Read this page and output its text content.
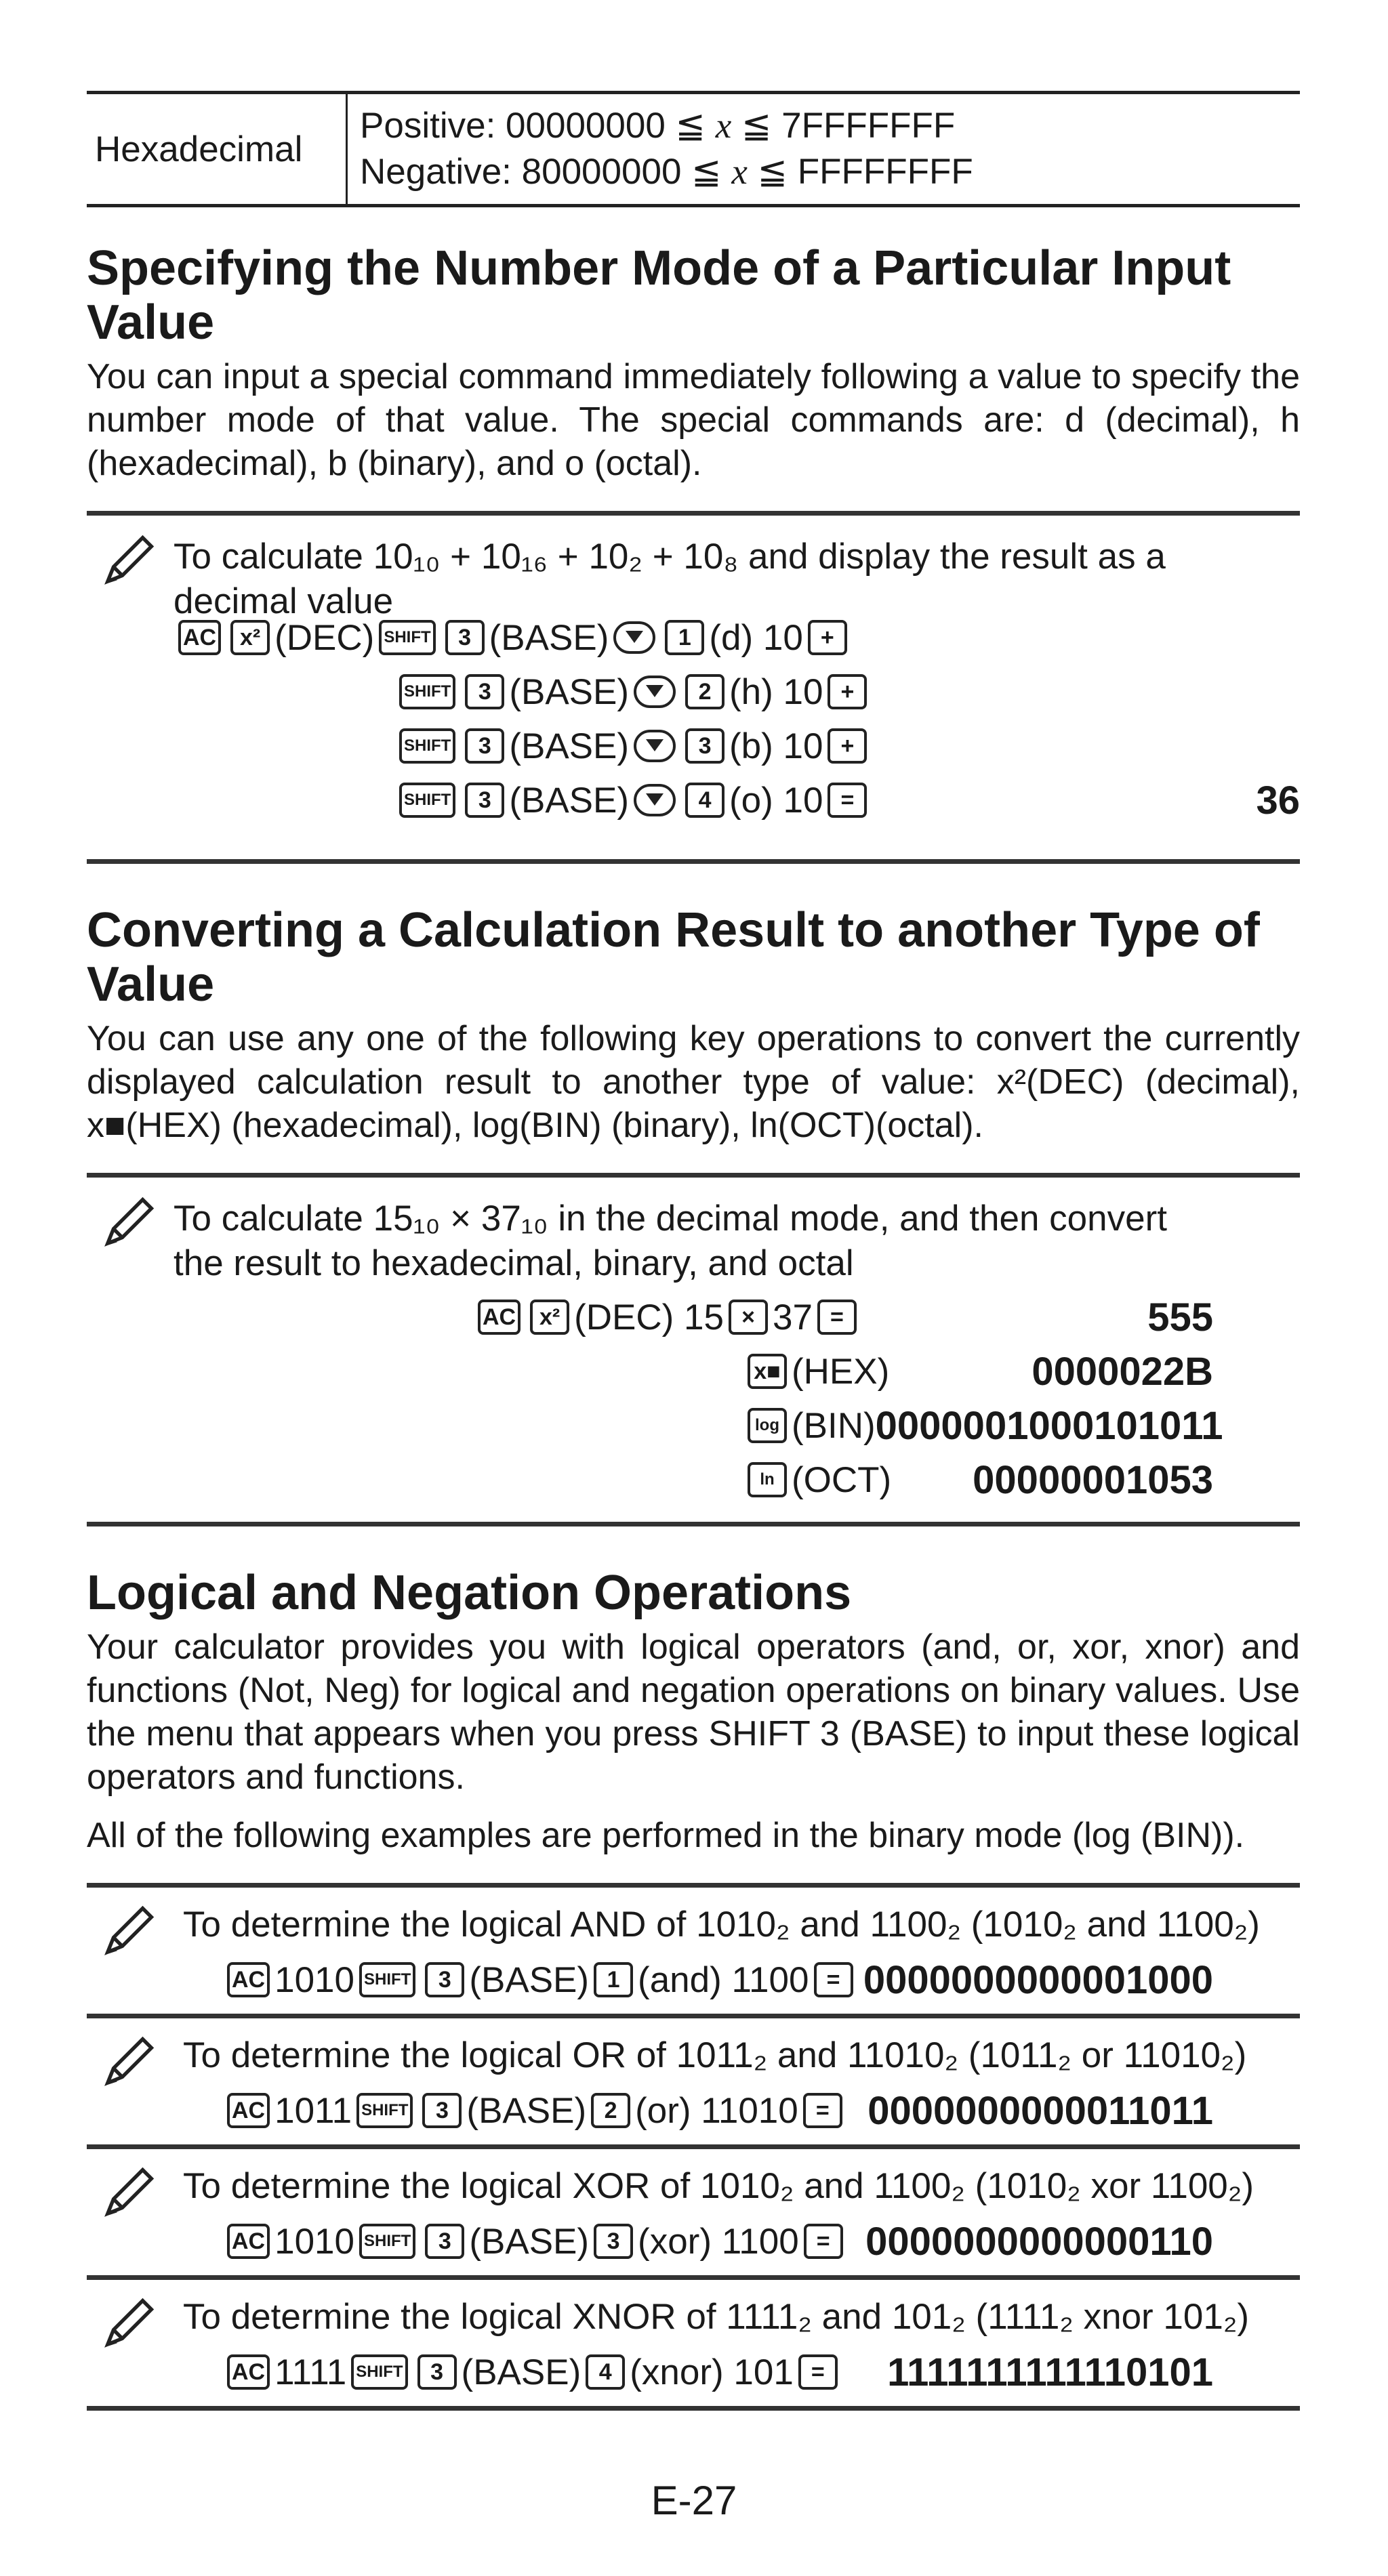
Hexadecimal
Positive: 00000000 ≦ x ≦ 7FFFFFFF
Negative: 80000000 ≦ x ≦ FFFFFFFF
Specifying the Number Mode of a Particular Input Value

You can input a special command immediately following a value to specify the number mode of that value. The special commands are: d (decimal), h (hexadecimal), b (binary), and o (octal).

To calculate 10₁₀ + 10₁₆ + 10₂ + 10₈ and display the result as a decimal value
AC	x² (DEC) SHIFT	3 (BASE)	1 (d) 10 +
SHIFT	3 (BASE)	2 (h) 10 +
SHIFT	3 (BASE)	3 (b) 10 +
SHIFT	3 (BASE)	4 (o) 10 =	36
Converting a Calculation Result to another Type of Value

You can use any one of the following key operations to convert the currently displayed calculation result to another type of value: x²(DEC) (decimal), x■(HEX) (hexadecimal), log(BIN) (binary), ln(OCT)(octal).

To calculate 15₁₀ × 37₁₀ in the decimal mode, and then convert
the result to hexadecimal, binary, and octal
AC	x² (DEC)
15 × 37 =	555
x■ (HEX)	0000022B
log (BIN) 0000001000101011
ln (OCT) 00000001053
Logical and Negation Operations

Your calculator provides you with logical operators (and, or, xor, xnor) and functions (Not, Neg) for logical and negation operations on binary values. Use the menu that appears when you press SHIFT 3 (BASE) to input these logical operators and functions.

All of the following examples are performed in the binary mode (log (BIN)).

To determine the logical AND of 1010₂ and 1100₂ (1010₂ and 1100₂)
AC 1010 SHIFT	3 (BASE) 1 (and)
1100 = 0000000000001000
To determine the logical OR of 1011₂ and 11010₂ (1011₂ or 11010₂)
AC 1011 SHIFT	3 (BASE) 2 (or)
11010 = 0000000000011011
To determine the logical XOR of 1010₂ and 1100₂ (1010₂ xor 1100₂)
AC 1010 SHIFT	3 (BASE) 3 (xor)
1100 = 0000000000000110
To determine the logical XNOR of 1111₂ and 101₂ (1111₂ xnor 101₂)
AC 1111 SHIFT	3 (BASE) 4 (xnor)
101 =	1111111111110101
E-27
